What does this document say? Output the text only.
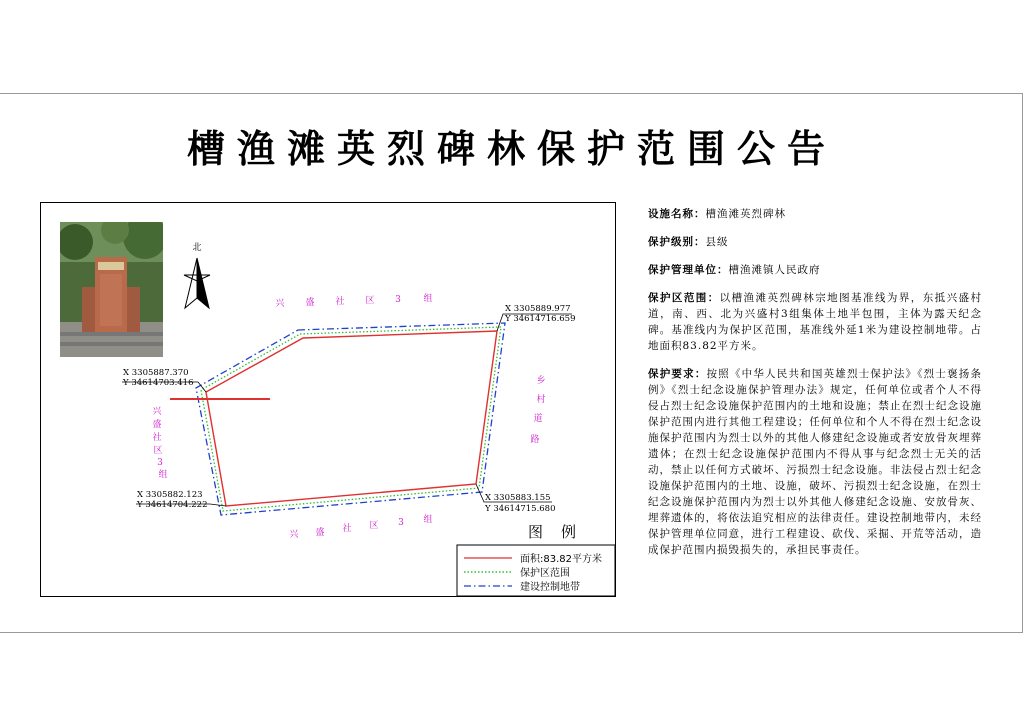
槽渔滩英烈碑林保护范围公告
北
X 3305889.977
Y 34614716.659
X 3305887.370
Y 34614703.416
X 3305882.123
Y 34614704.222
X 3305883.155
Y 34614715.680
兴 盛 社 区 3	组
兴
盛
社
区
3
组
兴 盛 社 区 3 组
乡
村
道
路
图例
面积:83.82平方米
保护区范围
建设控制地带

设施名称：槽渔滩英烈碑林

保护级别：县级

保护管理单位：槽渔滩镇人民政府

保护区范围：以槽渔滩英烈碑林宗地图基准线为界，东抵兴盛村道，南、西、北为兴盛村3组集体土地半包围，主体为露天纪念碑。基准线内为保护区范围，基准线外延1米为建设控制地带。占地面积83.82平方米。

保护要求：按照《中华人民共和国英雄烈士保护法》《烈士褒扬条例》《烈士纪念设施保护管理办法》规定，任何单位或者个人不得侵占烈士纪念设施保护范围内的土地和设施；禁止在烈士纪念设施保护范围内进行其他工程建设；任何单位和个人不得在烈士纪念设施保护范围内为烈士以外的其他人修建纪念设施或者安放骨灰埋葬遗体；在烈士纪念设施保护范围内不得从事与纪念烈士无关的活动，禁止以任何方式破坏、污损烈士纪念设施。非法侵占烈士纪念设施保护范围内的土地、设施，破坏、污损烈士纪念设施，在烈士纪念设施保护范围内为烈士以外其他人修建纪念设施、安放骨灰、埋葬遗体的，将依法追究相应的法律责任。建设控制地带内，未经保护管理单位同意，进行工程建设、砍伐、采掘、开荒等活动，造成保护范围内损毁损失的，承担民事责任。
